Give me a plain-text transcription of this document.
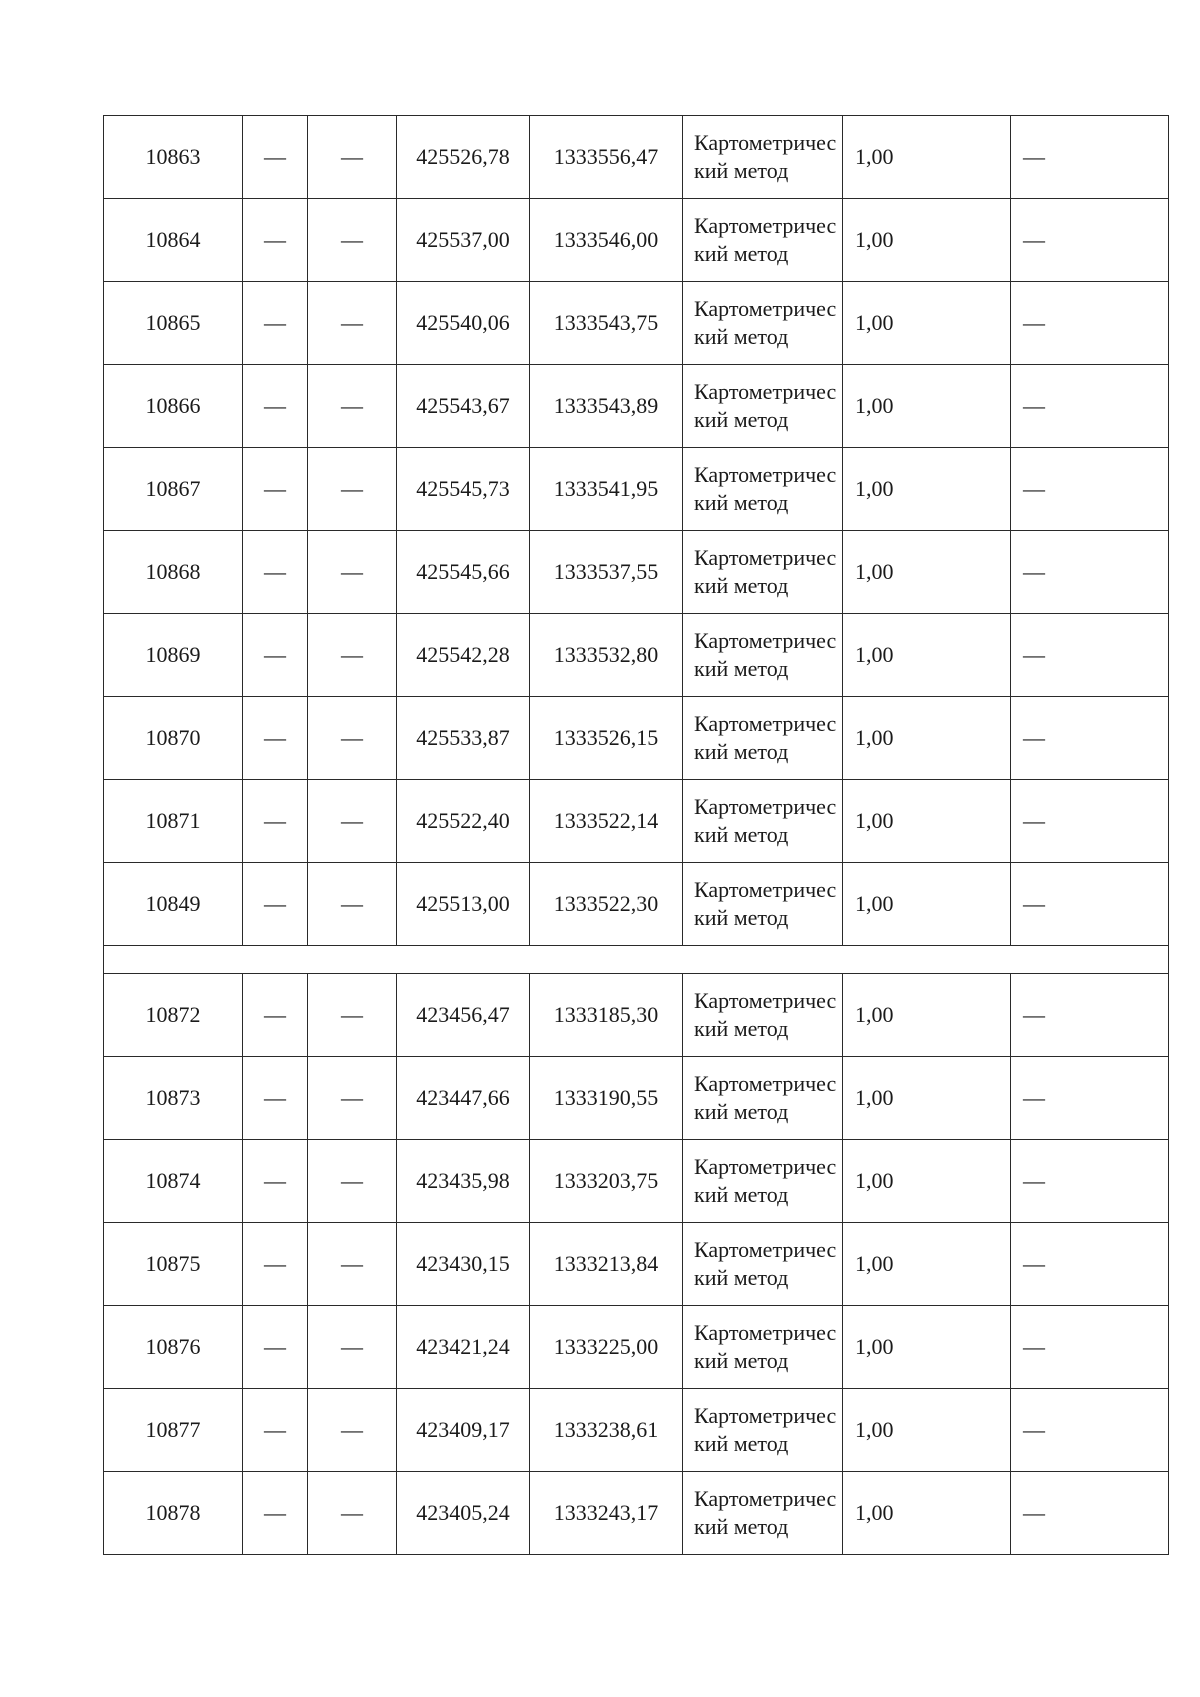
10863	—	—	425526,78	1333556,47	Картометрический метод	1,00	—
10864	—	—	425537,00	1333546,00	Картометрический метод	1,00	—
10865	—	—	425540,06	1333543,75	Картометрический метод	1,00	—
10866	—	—	425543,67	1333543,89	Картометрический метод	1,00	—
10867	—	—	425545,73	1333541,95	Картометрический метод	1,00	—
10868	—	—	425545,66	1333537,55	Картометрический метод	1,00	—
10869	—	—	425542,28	1333532,80	Картометрический метод	1,00	—
10870	—	—	425533,87	1333526,15	Картометрический метод	1,00	—
10871	—	—	425522,40	1333522,14	Картометрический метод	1,00	—
10849	—	—	425513,00	1333522,30	Картометрический метод	1,00	—

10872	—	—	423456,47	1333185,30	Картометрический метод	1,00	—
10873	—	—	423447,66	1333190,55	Картометрический метод	1,00	—
10874	—	—	423435,98	1333203,75	Картометрический метод	1,00	—
10875	—	—	423430,15	1333213,84	Картометрический метод	1,00	—
10876	—	—	423421,24	1333225,00	Картометрический метод	1,00	—
10877	—	—	423409,17	1333238,61	Картометрический метод	1,00	—
10878	—	—	423405,24	1333243,17	Картометрический метод	1,00	—
